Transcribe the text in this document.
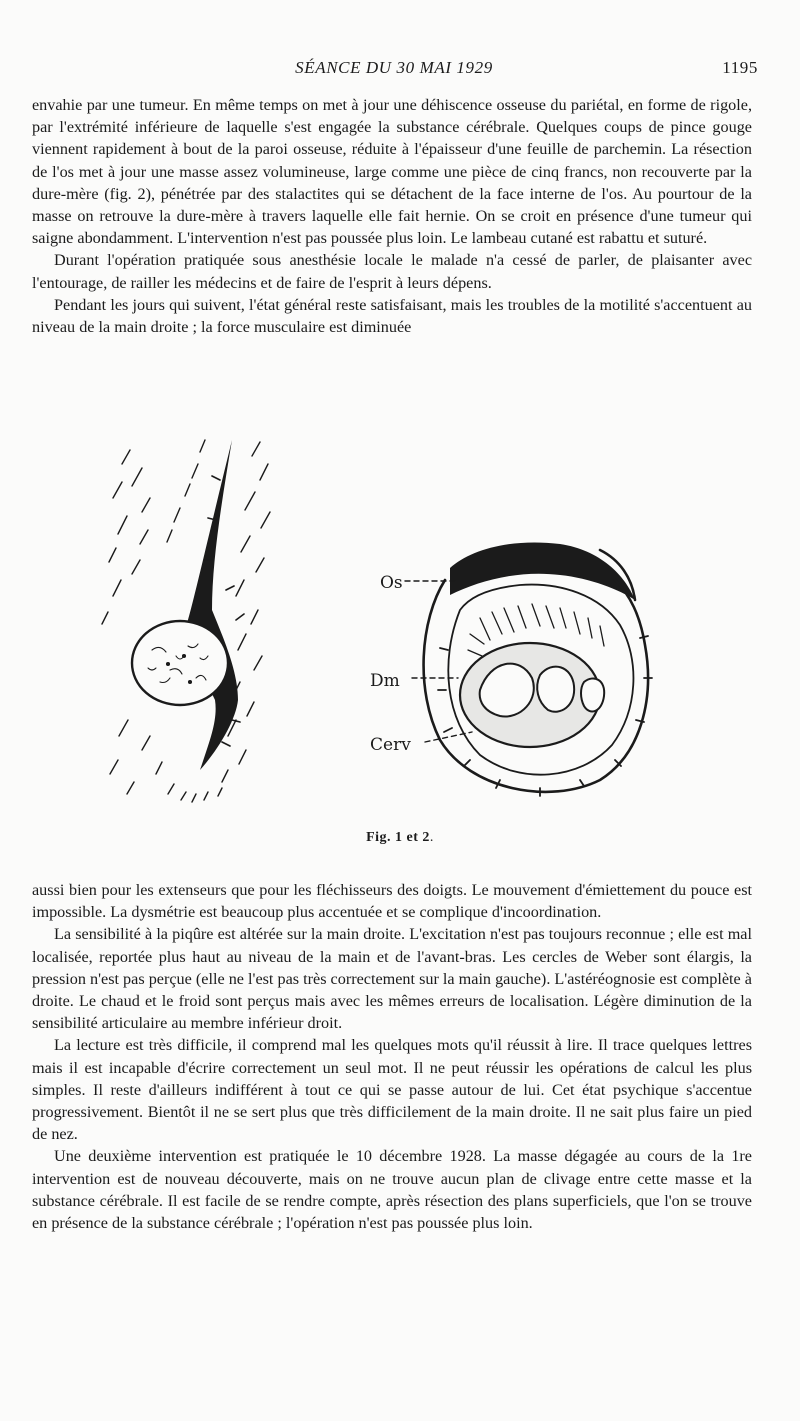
SÉANCE DU 30 MAI 1929	1195

envahie par une tumeur. En même temps on met à jour une déhiscence osseuse du pariétal, en forme de rigole, par l'extrémité inférieure de laquelle s'est engagée la substance cérébrale. Quelques coups de pince gouge viennent rapidement à bout de la paroi osseuse, réduite à l'épaisseur d'une feuille de parchemin. La résection de l'os met à jour une masse assez volumineuse, large comme une pièce de cinq francs, non recouverte par la dure-mère (fig. 2), pénétrée par des stalactites qui se détachent de la face interne de l'os. Au pourtour de la masse on retrouve la dure-mère à travers laquelle elle fait hernie. On se croit en présence d'une tumeur qui saigne abondamment. L'intervention n'est pas poussée plus loin. Le lambeau cutané est rabattu et suturé.

Durant l'opération pratiquée sous anesthésie locale le malade n'a cessé de parler, de plaisanter avec l'entourage, de railler les médecins et de faire de l'esprit à leurs dépens.

Pendant les jours qui suivent, l'état général reste satisfaisant, mais les troubles de la motilité s'accentuent au niveau de la main droite ; la force musculaire est diminuée

Os
Dm
Cerv
Fig. 1 et 2.

aussi bien pour les extenseurs que pour les fléchisseurs des doigts. Le mouvement d'émiettement du pouce est impossible. La dysmétrie est beaucoup plus accentuée et se complique d'incoordination.

La sensibilité à la piqûre est altérée sur la main droite. L'excitation n'est pas toujours reconnue ; elle est mal localisée, reportée plus haut au niveau de la main et de l'avant-bras. Les cercles de Weber sont élargis, la pression n'est pas perçue (elle ne l'est pas très correctement sur la main gauche). L'astéréognosie est complète à droite. Le chaud et le froid sont perçus mais avec les mêmes erreurs de localisation. Légère diminution de la sensibilité articulaire au membre inférieur droit.

La lecture est très difficile, il comprend mal les quelques mots qu'il réussit à lire. Il trace quelques lettres mais il est incapable d'écrire correctement un seul mot. Il ne peut réussir les opérations de calcul les plus simples. Il reste d'ailleurs indifférent à tout ce qui se passe autour de lui. Cet état psychique s'accentue progressivement. Bientôt il ne se sert plus que très difficilement de la main droite. Il ne sait plus faire un pied de nez.

Une deuxième intervention est pratiquée le 10 décembre 1928. La masse dégagée au cours de la 1re intervention est de nouveau découverte, mais on ne trouve aucun plan de clivage entre cette masse et la substance cérébrale. Il est facile de se rendre compte, après résection des plans superficiels, que l'on se trouve en présence de la substance cérébrale ; l'opération n'est pas poussée plus loin.
